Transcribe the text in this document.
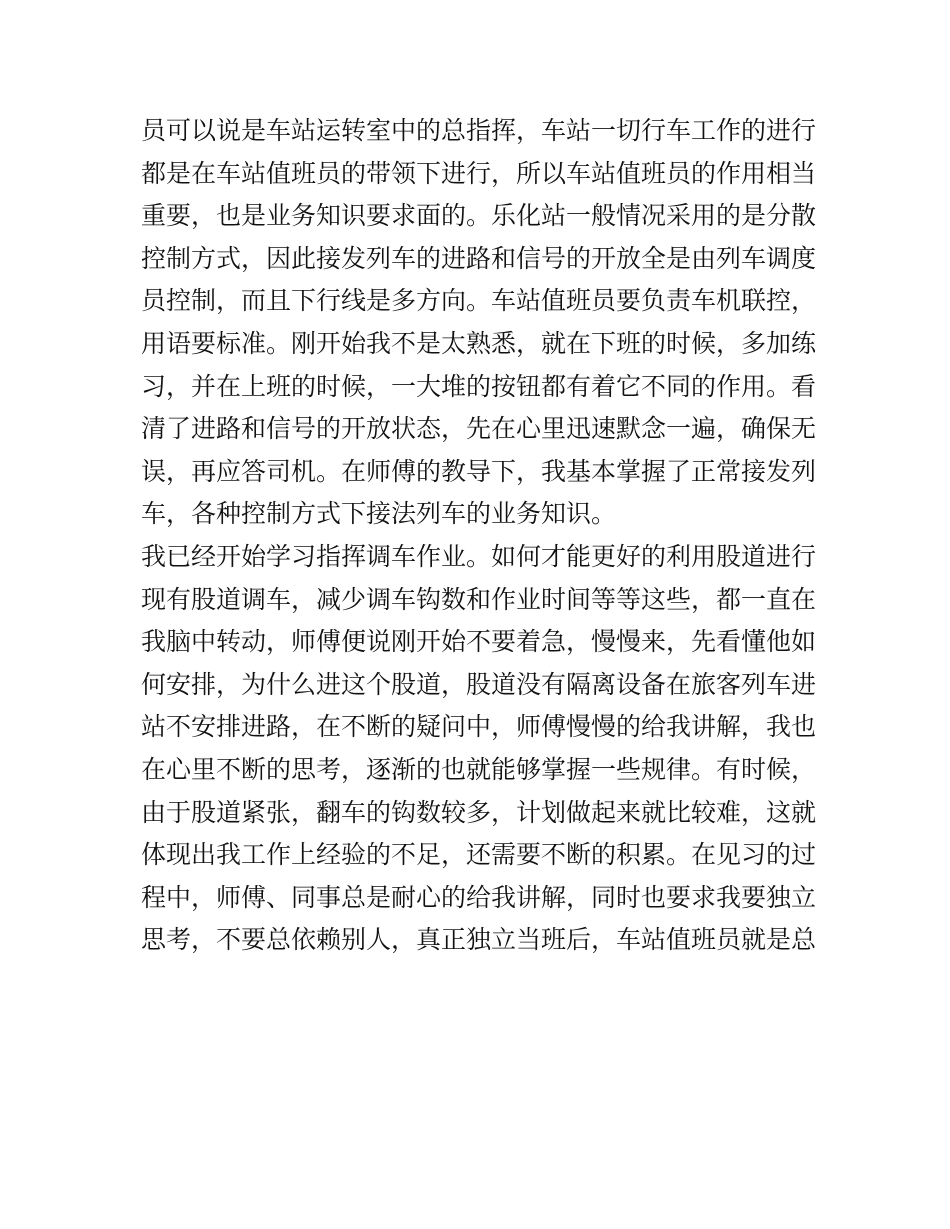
员可以说是车站运转室中的总指挥，车站一切行车工作的进行
都是在车站值班员的带领下进行，所以车站值班员的作用相当
重要，也是业务知识要求面的。乐化站一般情况采用的是分散
控制方式，因此接发列车的进路和信号的开放全是由列车调度
员控制，而且下行线是多方向。车站值班员要负责车机联控，
用语要标准。刚开始我不是太熟悉，就在下班的时候，多加练
习，并在上班的时候，一大堆的按钮都有着它不同的作用。看
清了进路和信号的开放状态，先在心里迅速默念一遍，确保无
误，再应答司机。在师傅的教导下，我基本掌握了正常接发列
车，各种控制方式下接法列车的业务知识。
我已经开始学习指挥调车作业。如何才能更好的利用股道进行
现有股道调车，减少调车钩数和作业时间等等这些，都一直在
我脑中转动，师傅便说刚开始不要着急，慢慢来，先看懂他如
何安排，为什么进这个股道，股道没有隔离设备在旅客列车进
站不安排进路，在不断的疑问中，师傅慢慢的给我讲解，我也
在心里不断的思考，逐渐的也就能够掌握一些规律。有时候，
由于股道紧张，翻车的钩数较多，计划做起来就比较难，这就
体现出我工作上经验的不足，还需要不断的积累。在见习的过
程中，师傅、同事总是耐心的给我讲解，同时也要求我要独立
思考，不要总依赖别人，真正独立当班后，车站值班员就是总
